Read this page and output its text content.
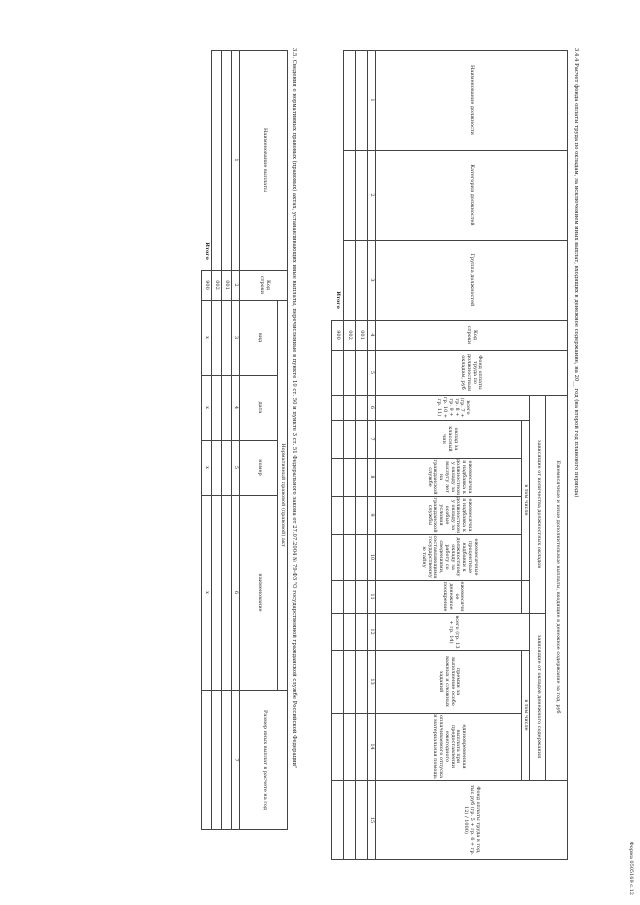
Форма 0505169 с.12
3.4.4 Расчет фонда оплаты труда по окладам, за исключением иных выплат, входящих в денежное содержание, на 20__ год (на второй год планового периода)
Наименование должности
Категория должностей
Группа должностей
Код строки
Фонд оплаты труда по должностным окладам, руб
Ежемесячные и иные дополнительные выплаты, входящие в денежное содержание за год, руб
зависящие от количества должностных окладов
всего (гр. 7 + гр. 8 + гр. 9 + гр. 10 + гр. 11)
в том числе
оклад за классный чин
ежемесячная надбавка к должностному окладу за выслугу лет на гражданской службе
ежемесячная надбавка к должностному окладу за особые условия гражданской службы
ежемесячные процентные надбавки к должностному окладу за работу со сведениями, составляющими государственную тайну
ежемесячное денежное поощрение
зависящие от окладов денежного содержания
всего (гр. 13 + гр. 14)
в том числе
премии за выполнение особо важных и сложных заданий
единовременная выплата при предоставлении ежегодного оплачиваемого отпуска и материальная помощь
Фонд оплаты труда в год, тыс руб (гр. 5 + гр. 6 + гр. 12) / 1000)
1
2
3
4
5
6
7
8
9
10
11
12
13
14
15
001
002
Итого
900
3.5. Сведения о нормативных правовых (правовых) актах, устанавливающих иные выплаты, перечисленные в пункте 10 ст. 50 и пункте 3 ст. 51 Федерального закона от 27.07.2004 № 79-ФЗ "О государственной гражданской службе Российской Федерации"
Наименование выплаты
Код строки
Нормативный правовой (правовой) акт
вид
дата
номер
наименование
Размер иных выплат в расчете на год
1
2
3
4
5
6
7
001
002
Итого
900
x
x
x
x
